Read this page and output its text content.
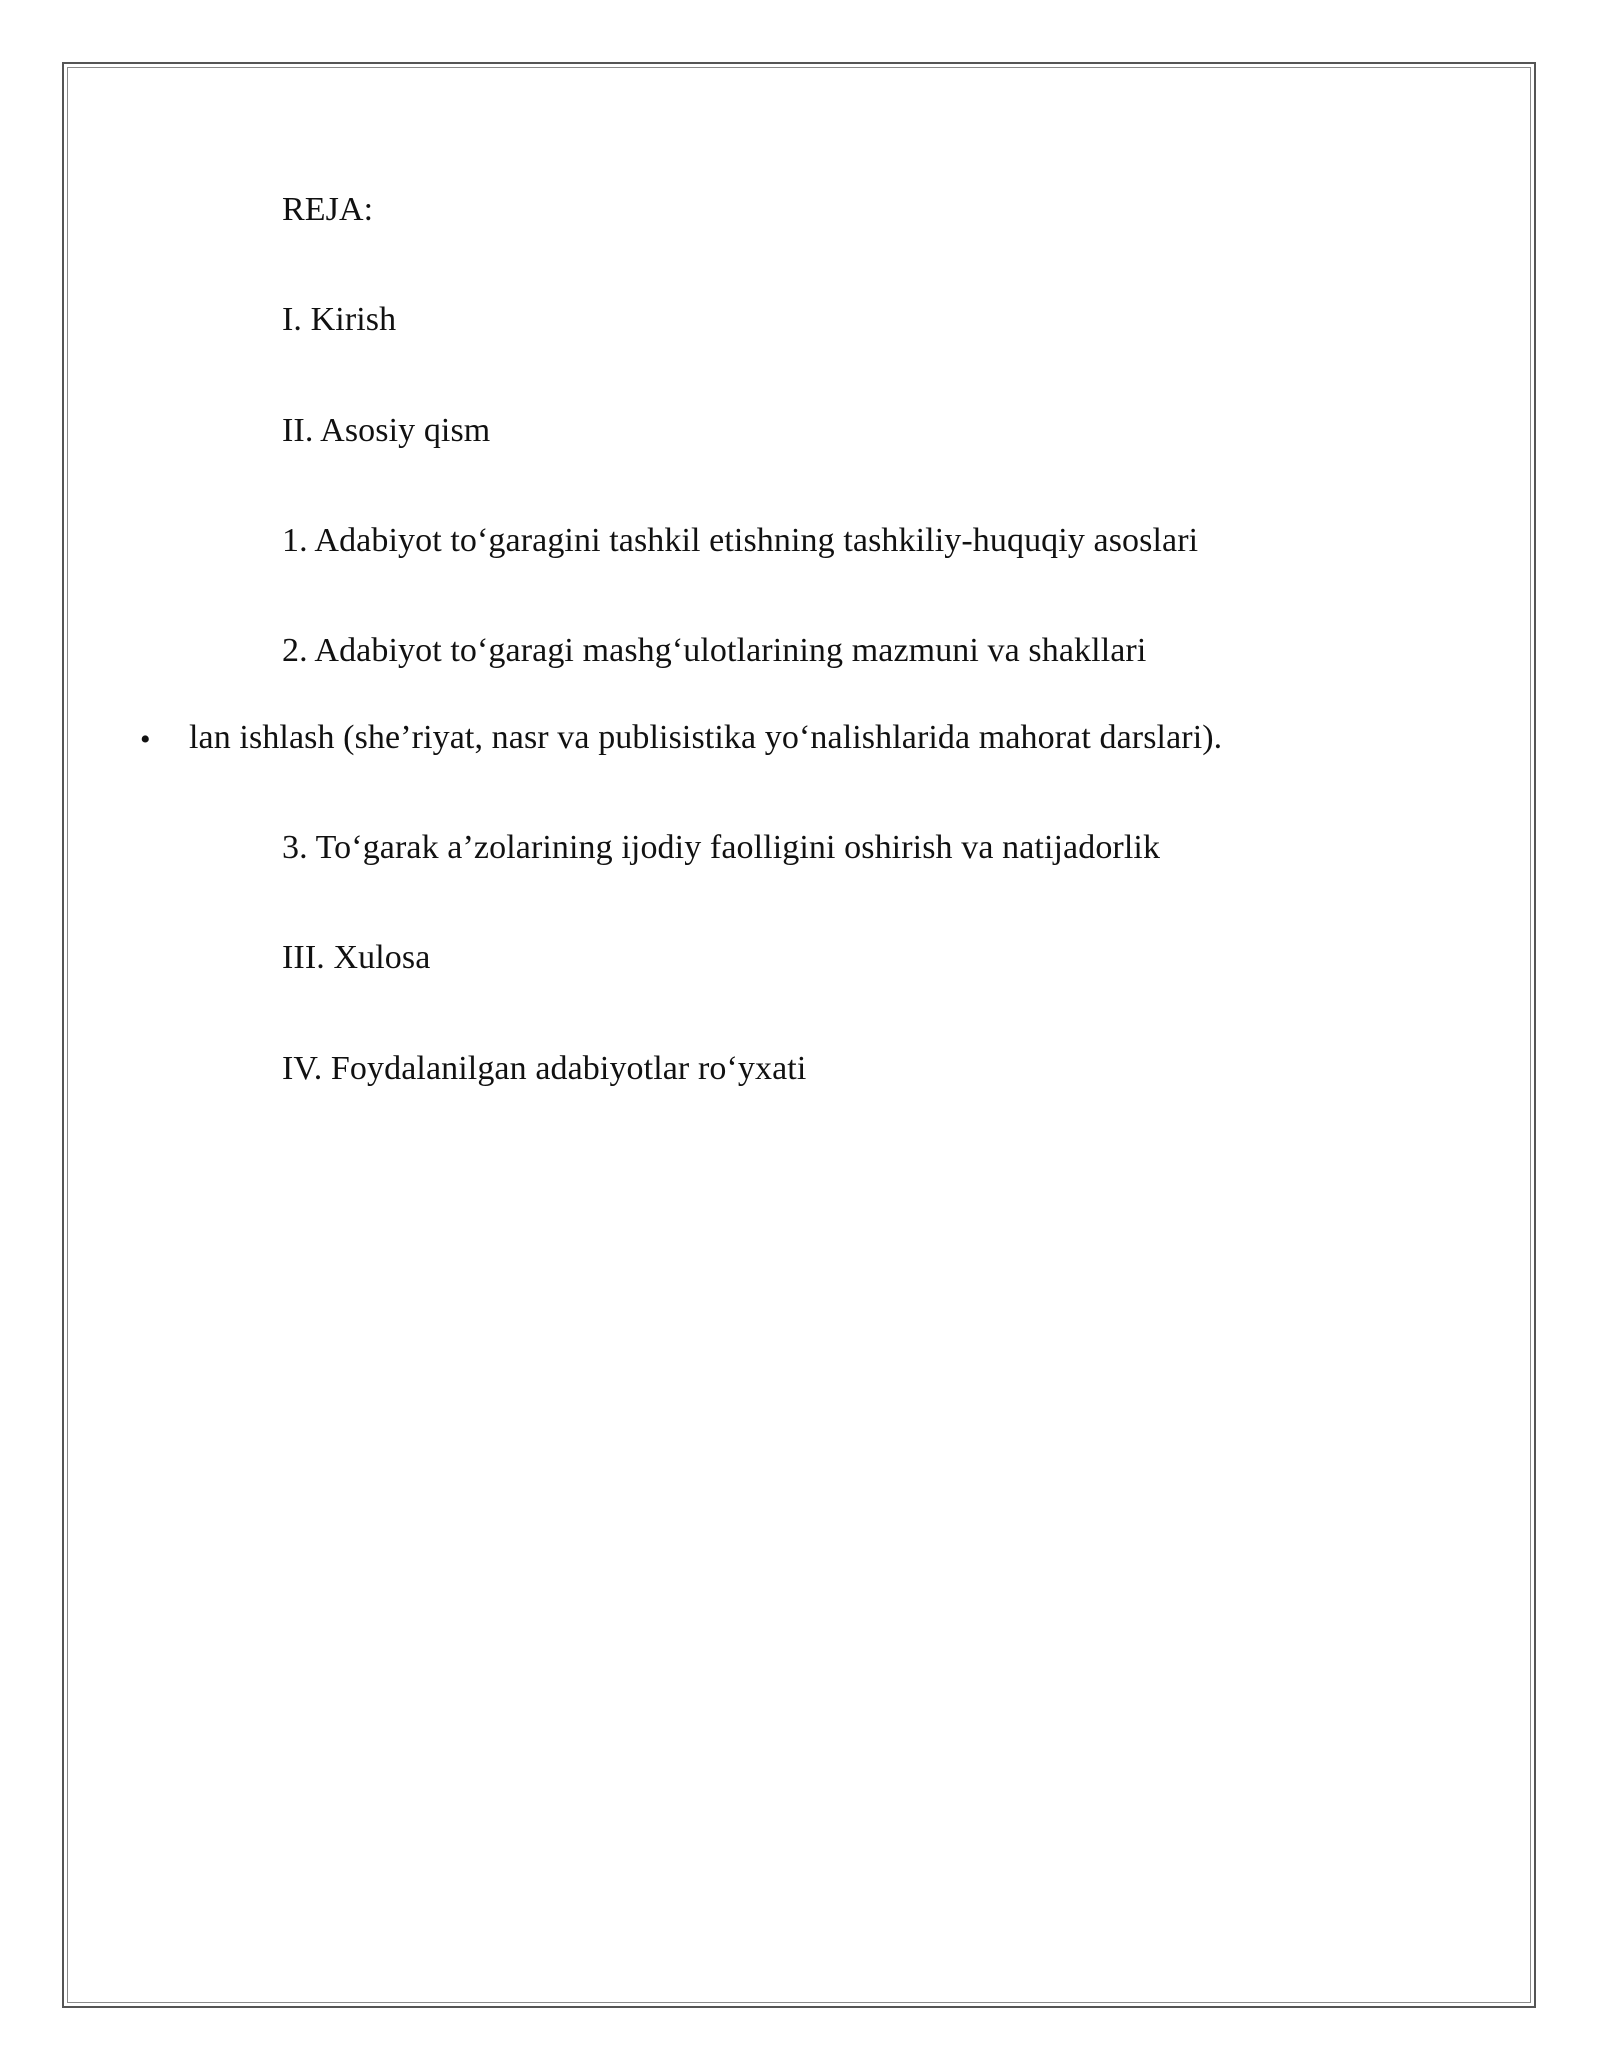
REJA:
I. Kirish
II. Asosiy qism
1. Adabiyot to‘garagini tashkil etishning tashkiliy-huquqiy asoslari
2. Adabiyot to‘garagi mashg‘ulotlarining mazmuni va shakllari
• lan ishlash (she’riyat, nasr va publisistika yo‘nalishlarida mahorat darslari).
3. To‘garak a’zolarining ijodiy faolligini oshirish va natijadorlik
III. Xulosa
IV. Foydalanilgan adabiyotlar ro‘yxati
